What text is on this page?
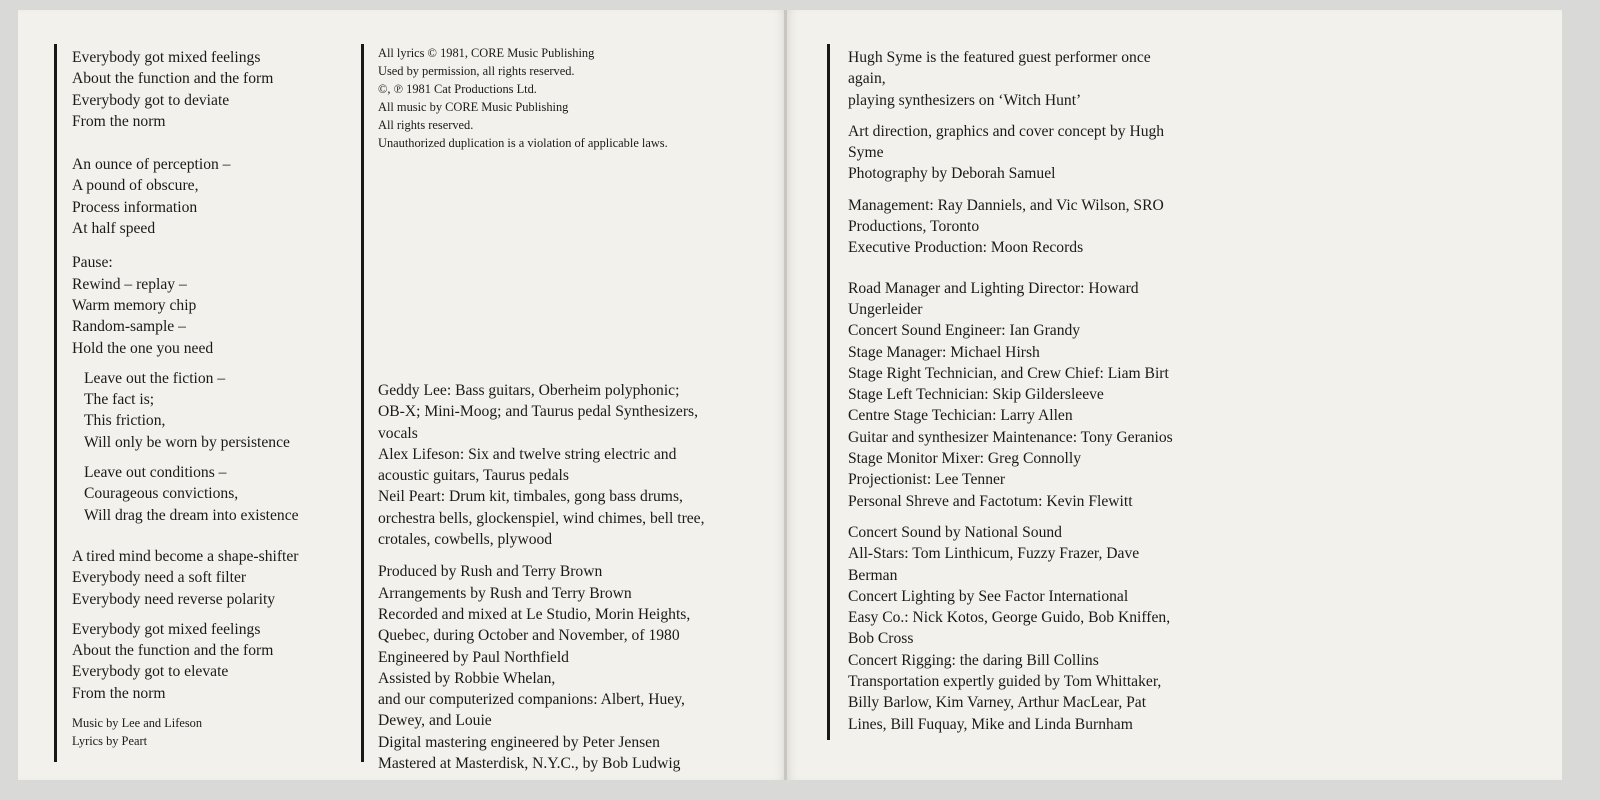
Everybody got mixed feelings
About the function and the form
Everybody got to deviate
From the norm
An ounce of perception –
A pound of obscure,
Process information
At half speed
Pause:
Rewind – replay –
Warm memory chip
Random-sample –
Hold the one you need
Leave out the fiction –
The fact is;
This friction,
Will only be worn by persistence
Leave out conditions –
Courageous convictions,
Will drag the dream into existence
A tired mind become a shape-shifter
Everybody need a soft filter
Everybody need reverse polarity
Everybody got mixed feelings
About the function and the form
Everybody got to elevate
From the norm
Music by Lee and Lifeson
Lyrics by Peart
All lyrics © 1981, CORE Music Publishing
Used by permission, all rights reserved.
©, ℗ 1981 Cat Productions Ltd.
All music by CORE Music Publishing
All rights reserved.
Unauthorized duplication is a violation of applicable laws.
Geddy Lee: Bass guitars, Oberheim polyphonic;
OB-X; Mini-Moog; and Taurus pedal Synthesizers,
vocals
Alex Lifeson: Six and twelve string electric and
acoustic guitars, Taurus pedals
Neil Peart: Drum kit, timbales, gong bass drums,
orchestra bells, glockenspiel, wind chimes, bell tree,
crotales, cowbells, plywood
Produced by Rush and Terry Brown
Arrangements by Rush and Terry Brown
Recorded and mixed at Le Studio, Morin Heights,
Quebec, during October and November, of 1980
Engineered by Paul Northfield
Assisted by Robbie Whelan,
and our computerized companions: Albert, Huey,
Dewey, and Louie
Digital mastering engineered by Peter Jensen
Mastered at Masterdisk, N.Y.C., by Bob Ludwig
Hugh Syme is the featured guest performer once
again,
playing synthesizers on ‘Witch Hunt’
Art direction, graphics and cover concept by Hugh
Syme
Photography by Deborah Samuel
Management: Ray Danniels, and Vic Wilson, SRO
Productions, Toronto
Executive Production: Moon Records
Road Manager and Lighting Director: Howard
Ungerleider
Concert Sound Engineer: Ian Grandy
Stage Manager: Michael Hirsh
Stage Right Technician, and Crew Chief: Liam Birt
Stage Left Technician: Skip Gildersleeve
Centre Stage Techician: Larry Allen
Guitar and synthesizer Maintenance: Tony Geranios
Stage Monitor Mixer: Greg Connolly
Projectionist: Lee Tenner
Personal Shreve and Factotum: Kevin Flewitt
Concert Sound by National Sound
All-Stars: Tom Linthicum, Fuzzy Frazer, Dave
Berman
Concert Lighting by See Factor International
Easy Co.: Nick Kotos, George Guido, Bob Kniffen,
Bob Cross
Concert Rigging: the daring Bill Collins
Transportation expertly guided by Tom Whittaker,
Billy Barlow, Kim Varney, Arthur MacLear, Pat
Lines, Bill Fuquay, Mike and Linda Burnham
